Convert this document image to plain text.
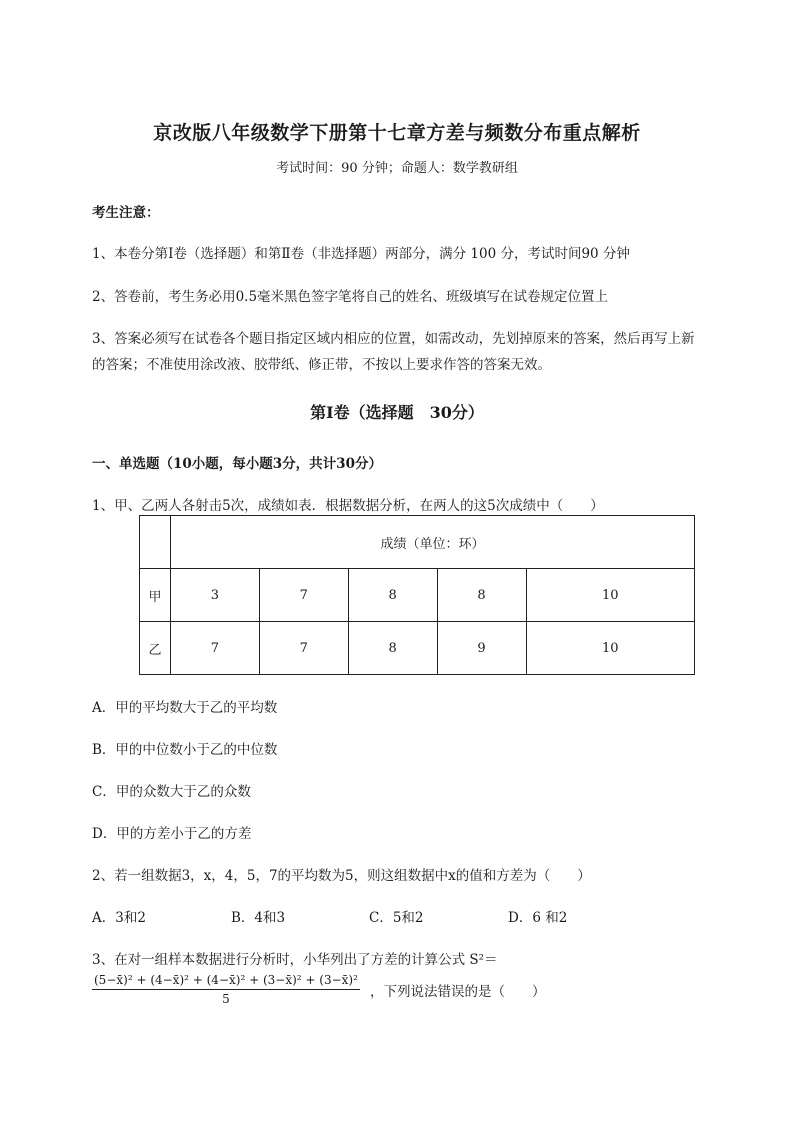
京改版八年级数学下册第十七章方差与频数分布重点解析
考试时间：90 分钟；命题人：数学教研组
考生注意：
1、本卷分第Ⅰ卷（选择题）和第Ⅱ卷（非选择题）两部分，满分 100 分，考试时间90 分钟
2、答卷前，考生务必用0.5毫米黑色签字笔将自己的姓名、班级填写在试卷规定位置上
3、答案必须写在试卷各个题目指定区域内相应的位置，如需改动，先划掉原来的答案，然后再写上新
的答案；不准使用涂改液、胶带纸、修正带，不按以上要求作答的答案无效。
第Ⅰ卷（选择题　30分）
一、单选题（10小题，每小题3分，共计30分）
1、甲、乙两人各射击5次，成绩如表．根据数据分析，在两人的这5次成绩中（　　）
	成绩（单位：环）				
甲	3	7	8	8	10
乙	7	7	8	9	10
A．甲的平均数大于乙的平均数
B．甲的中位数小于乙的中位数
C．甲的众数大于乙的众数
D．甲的方差小于乙的方差
2、若一组数据3，x，4，5，7的平均数为5，则这组数据中x的值和方差为（　　）
A．3和2	B．4和3	C．5和2	D．6 和2
3、在对一组样本数据进行分析时，小华列出了方差的计算公式 S²＝
$\frac{\text{(5−x̄)² + (4−x̄)² + (4−x̄)² + (3−x̄)² + (3−x̄)²}}{5}$ ，下列说法错误的是（　　）
